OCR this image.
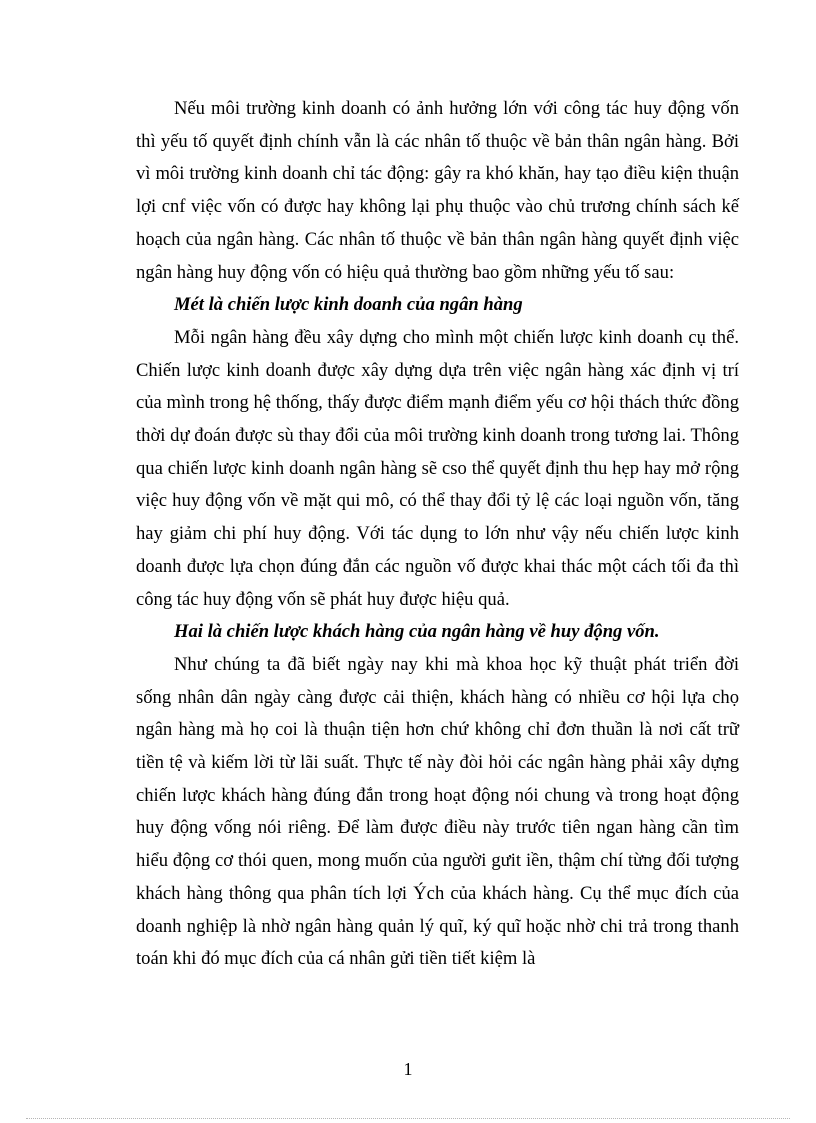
Nếu môi trường kinh doanh có ảnh hưởng lớn với công tác huy động vốn thì yếu tố quyết định chính vẫn là các nhân tố thuộc về bản thân ngân hàng. Bởi vì môi trường kinh doanh chỉ tác động: gây ra khó khăn, hay tạo điều kiện thuận lợi cnf việc vốn có được hay không lại phụ thuộc vào chủ trương chính sách kế hoạch của ngân hàng. Các nhân tố thuộc về bản thân ngân hàng quyết định việc ngân hàng huy động vốn có hiệu quả thường bao gồm những yếu tố sau:

Mét là chiến lược kinh doanh của ngân hàng

Mỗi ngân hàng đều xây dựng cho mình một chiến lược kinh doanh cụ thể. Chiến lược kinh doanh được xây dựng dựa trên việc ngân hàng xác định vị trí của mình trong hệ thống, thấy được điểm mạnh điểm yếu cơ hội thách thức đồng thời dự đoán được sù thay đổi của môi trường kinh doanh trong tương lai. Thông qua chiến lược kinh doanh ngân hàng sẽ cso thể quyết định thu hẹp hay mở rộng việc huy động vốn về mặt qui mô, có thể thay đổi tỷ lệ các loại nguồn vốn, tăng hay giảm chi phí huy động. Với tác dụng to lớn như vậy nếu chiến lược kinh doanh được lựa chọn đúng đắn các nguồn vố được khai thác một cách tối đa thì công tác huy động vốn sẽ phát huy được hiệu quả.

Hai là chiến lược khách hàng của ngân hàng về huy động vốn.

Như chúng ta đã biết ngày nay khi mà khoa học kỹ thuật phát triển đời sống nhân dân ngày càng được cải thiện, khách hàng có nhiều cơ hội lựa chọ ngân hàng mà họ coi là thuận tiện hơn chứ không chỉ đơn thuần là nơi cất trữ tiền tệ và kiếm lời từ lãi suất. Thực tế này đòi hỏi các ngân hàng phải xây dựng chiến lược khách hàng đúng đắn trong hoạt động nói chung và trong hoạt động huy động vống nói riêng. Để làm được điều này trước tiên ngan hàng cần tìm hiểu động cơ thói quen, mong muốn của người gưit iền, thậm chí từng đối tượng khách hàng thông qua phân tích lợi Ých của khách hàng. Cụ thể mục đích của doanh nghiệp là nhờ ngân hàng quản lý quĩ, ký quĩ hoặc nhờ chi trả trong thanh toán khi đó mục đích của cá nhân gửi tiền tiết kiệm là

1
